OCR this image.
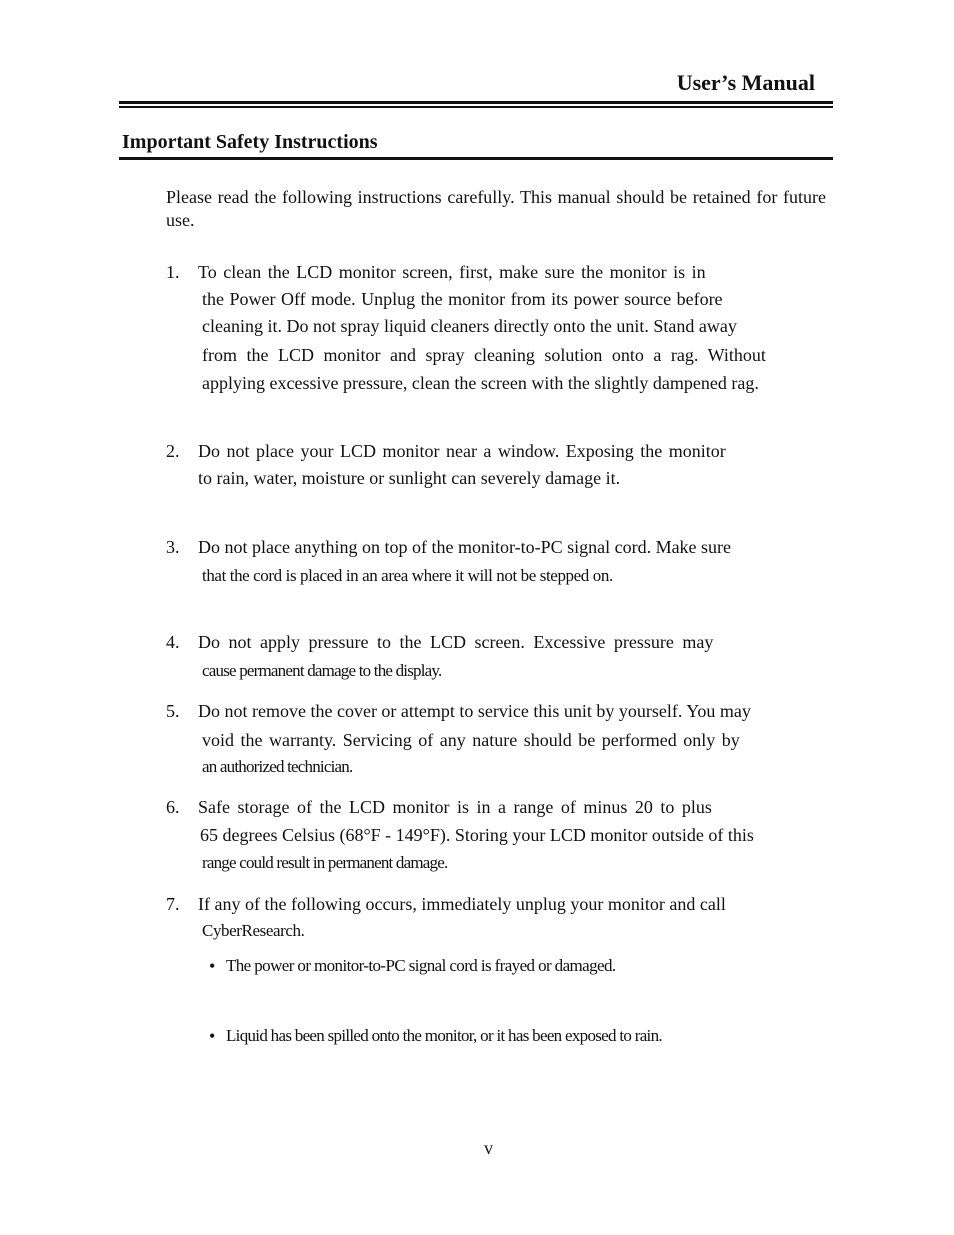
User’s Manual
Important Safety Instructions
Please read the following instructions carefully. This manual should be retained for future use.
1. To clean the LCD monitor screen, first, make sure the monitor is in
the Power Off mode. Unplug the monitor from its power source before
cleaning it. Do not spray liquid cleaners directly onto the unit. Stand away
from the LCD monitor and spray cleaning solution onto a rag. Without
applying excessive pressure, clean the screen with the slightly dampened rag.
2. Do not place your LCD monitor near a window. Exposing the monitor
to rain, water, moisture or sunlight can severely damage it.
3. Do not place anything on top of the monitor-to-PC signal cord. Make sure
that the cord is placed in an area where it will not be stepped on.
4. Do not apply pressure to the LCD screen. Excessive pressure may
cause permanent damage to the display.
5. Do not remove the cover or attempt to service this unit by yourself. You may
void the warranty. Servicing of any nature should be performed only by
an authorized technician.
6. Safe storage of the LCD monitor is in a range of minus 20 to plus
65 degrees Celsius (68°F - 149°F). Storing your LCD monitor outside of this
range could result in permanent damage.
7. If any of the following occurs, immediately unplug your monitor and call
CyberResearch.
• The power or monitor-to-PC signal cord is frayed or damaged.
• Liquid has been spilled onto the monitor, or it has been exposed to rain.
v
